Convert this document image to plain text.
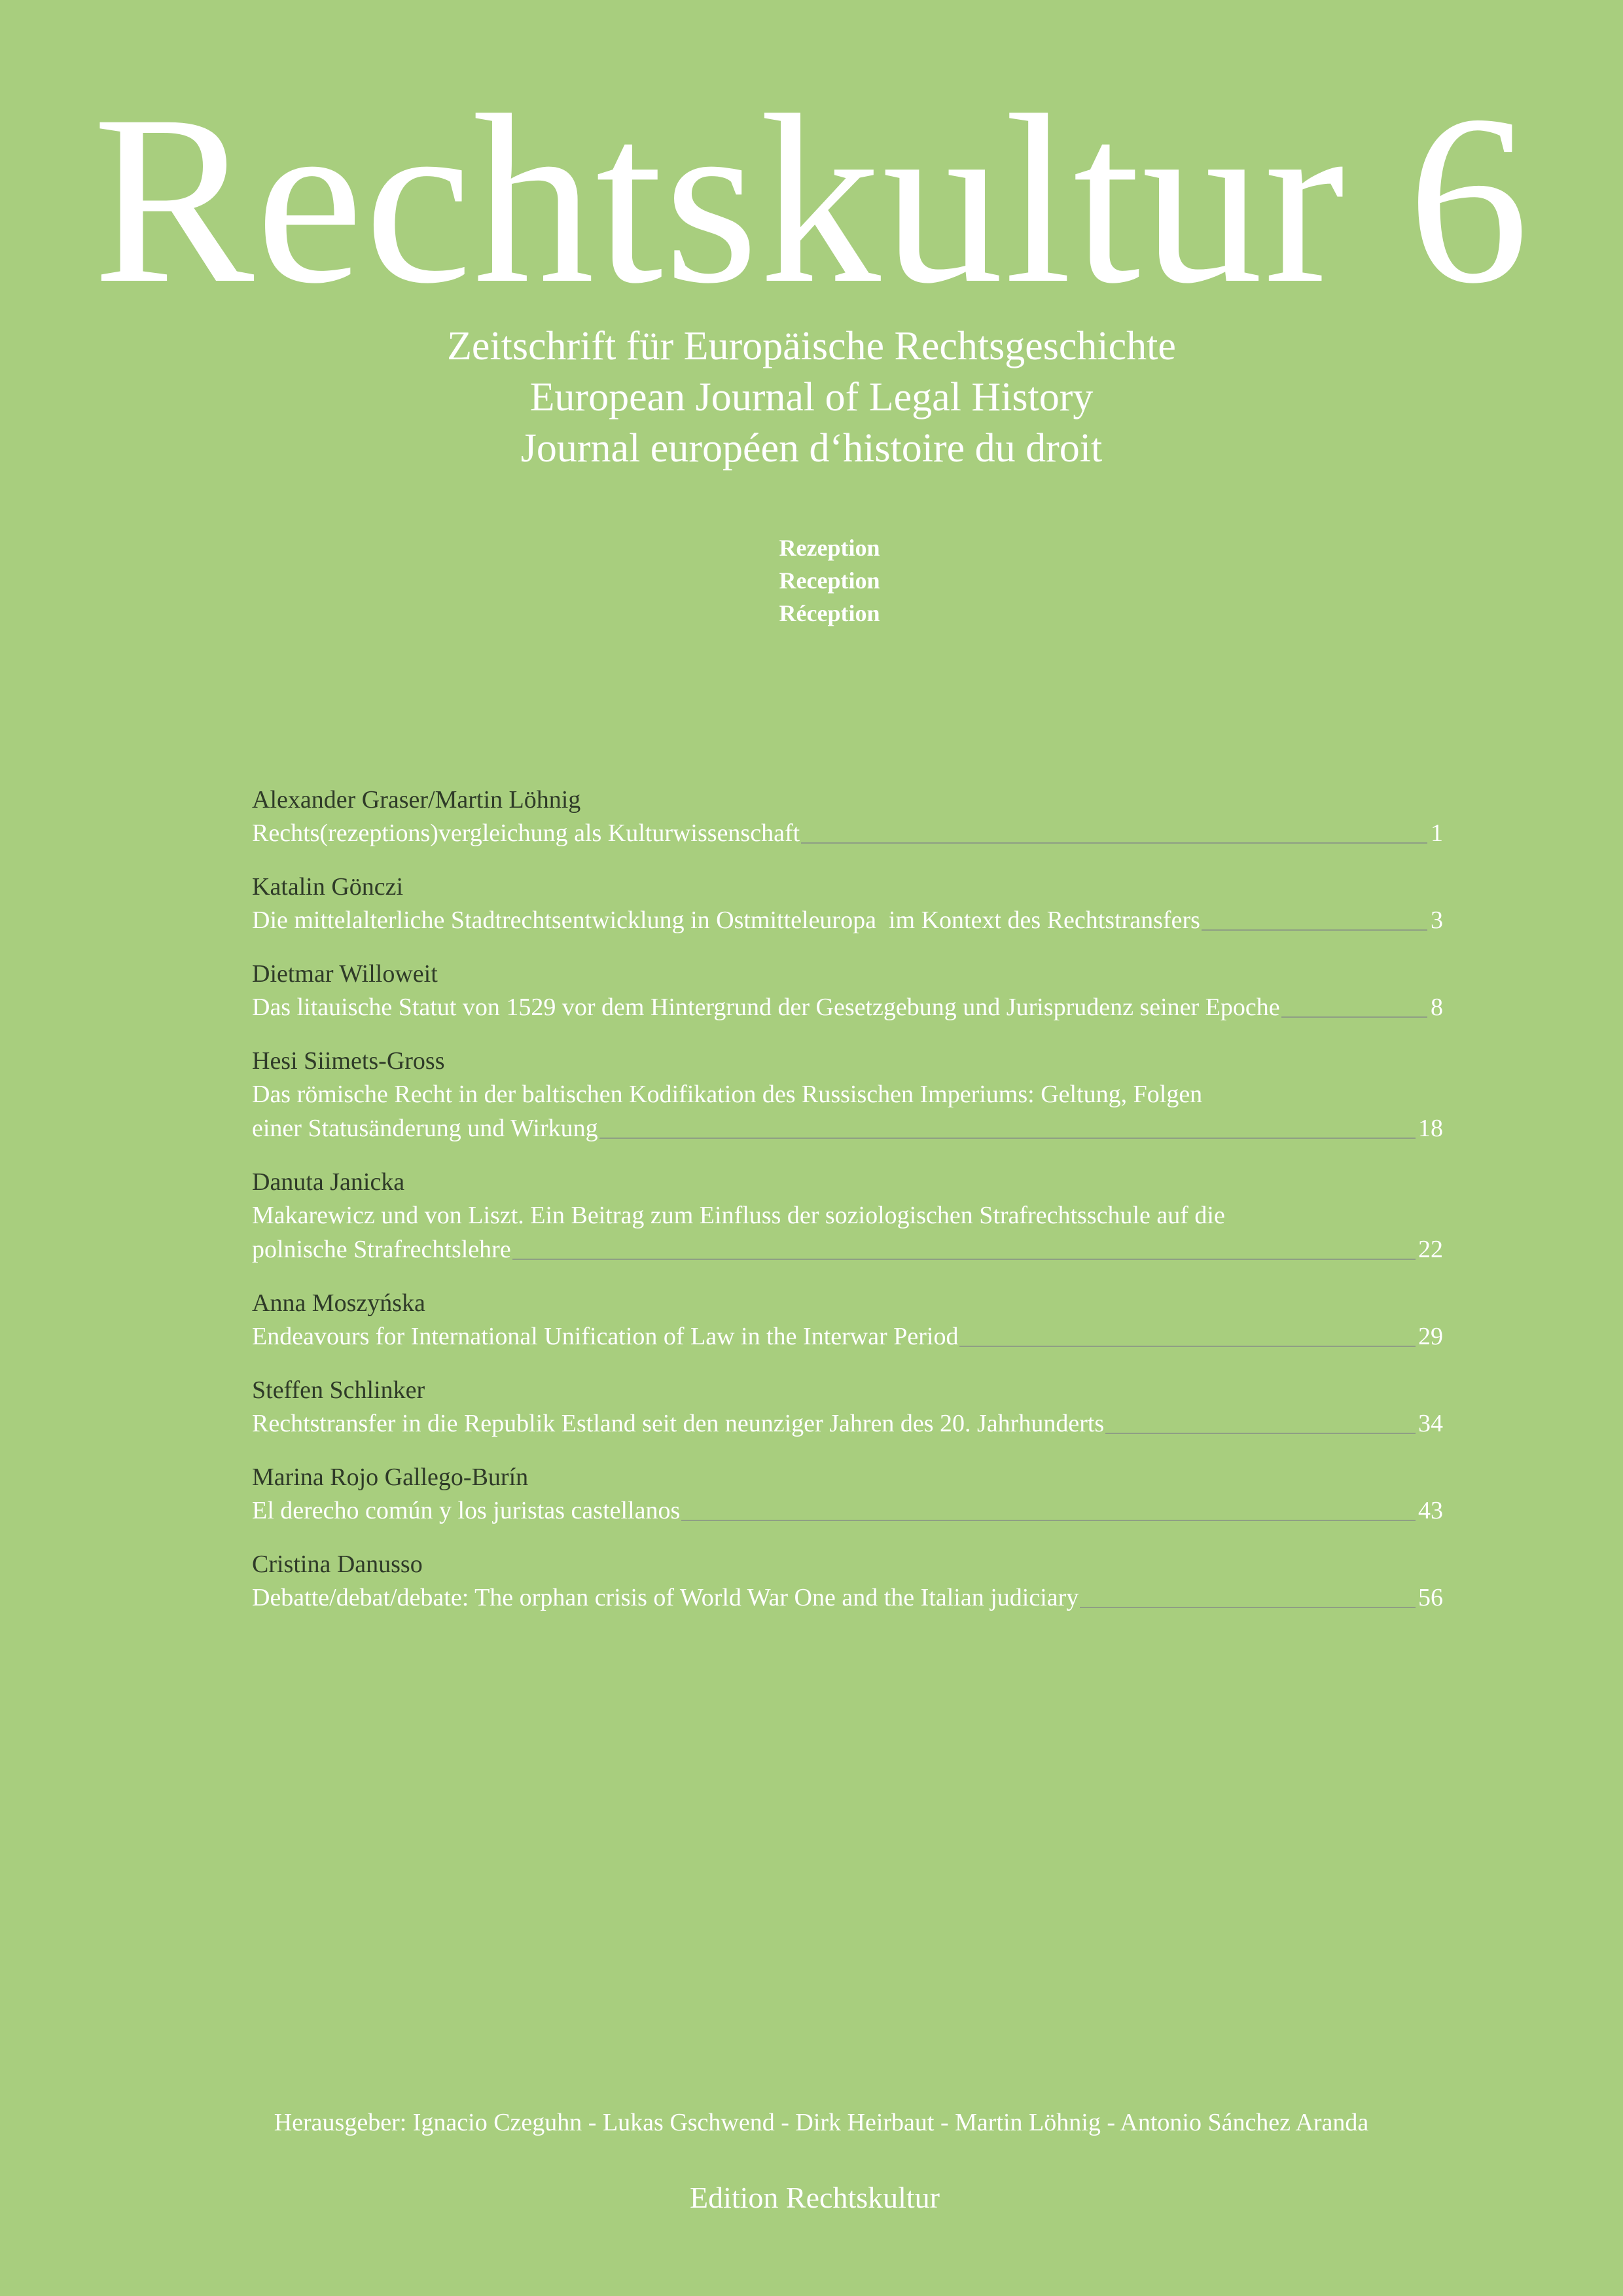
Rechtskultur 6
Zeitschrift für Europäische Rechtsgeschichte
European Journal of Legal History
Journal européen d‘histoire du droit
Rezeption
Reception
Réception
Alexander Graser/Martin Löhnig
Rechts(rezeptions)vergleichung als Kulturwissenschaft	1
Katalin Gönczi
Die mittelalterliche Stadtrechtsentwicklung in Ostmitteleuropa  im Kontext des Rechtstransfers	3
Dietmar Willoweit
Das litauische Statut von 1529 vor dem Hintergrund der Gesetzgebung und Jurisprudenz seiner Epoche	8
Hesi Siimets-Gross
Das römische Recht in der baltischen Kodifikation des Russischen Imperiums: Geltung, Folgen
einer Statusänderung und Wirkung	18
Danuta Janicka
Makarewicz und von Liszt. Ein Beitrag zum Einfluss der soziologischen Strafrechtsschule auf die
polnische Strafrechtslehre	22
Anna Moszyńska
Endeavours for International Unification of Law in the Interwar Period	29
Steffen Schlinker
Rechtstransfer in die Republik Estland seit den neunziger Jahren des 20. Jahrhunderts	34
Marina Rojo Gallego-Burín
El derecho común y los juristas castellanos	43
Cristina Danusso
Debatte/debat/debate: The orphan crisis of World War One and the Italian judiciary	56
Herausgeber: Ignacio Czeguhn - Lukas Gschwend - Dirk Heirbaut - Martin Löhnig - Antonio Sánchez Aranda
Edition Rechtskultur
